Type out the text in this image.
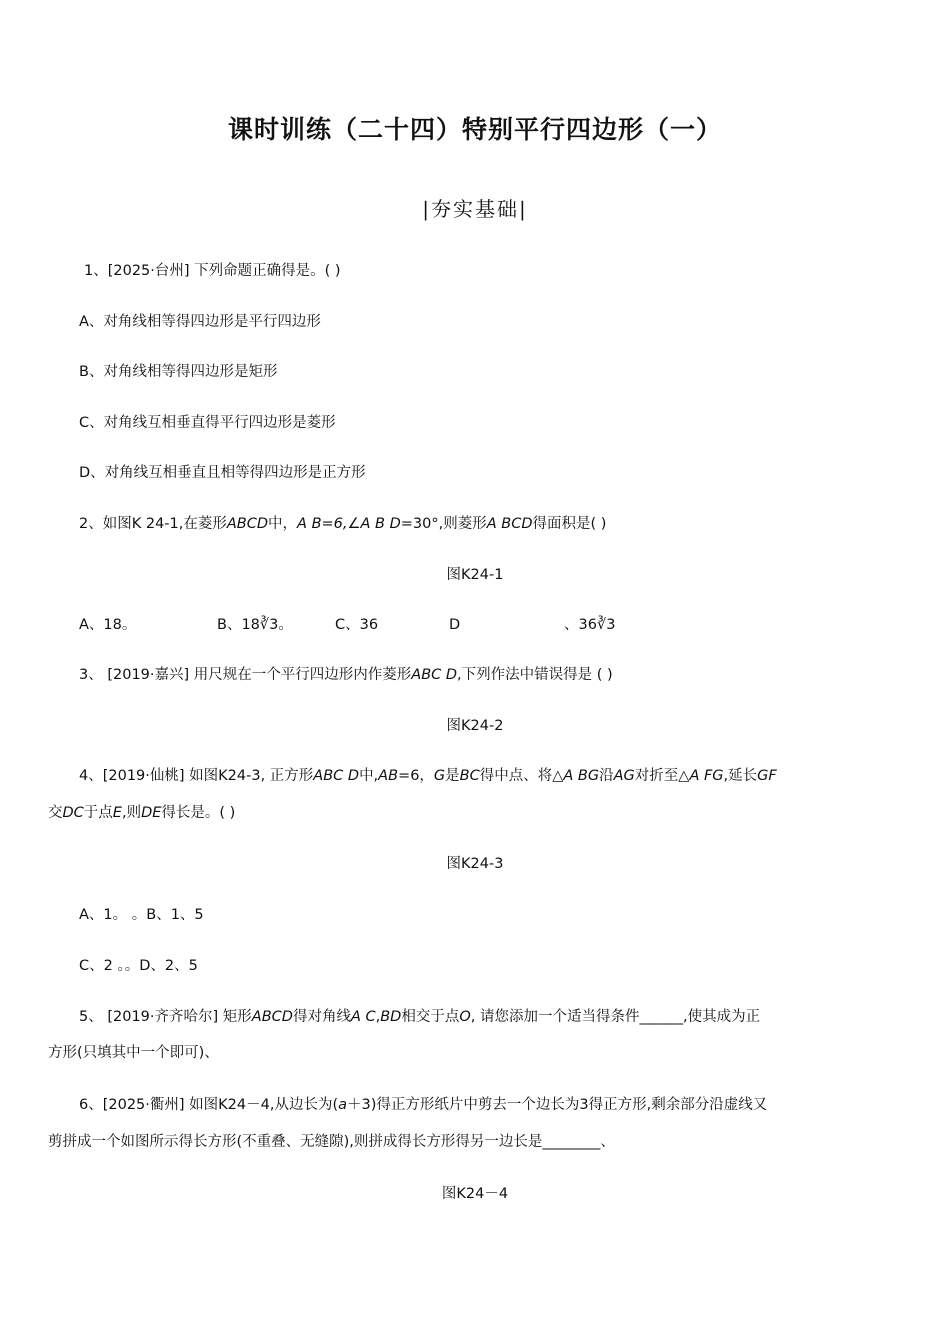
课时训练（二十四）特别平行四边形（一）
|夯实基础|
1、[2025·台州] 下列命题正确得是。( )
A、对角线相等得四边形是平行四边形
B、对角线相等得四边形是矩形
C、对角线互相垂直得平行四边形是菱形
D、对角线互相垂直且相等得四边形是正方形
2、如图K 24-1,在菱形ABCD中，A B=6,∠A B D=30°,则菱形A BCD得面积是( )
图K24-1
A、18。	B、18∛3。	C、36	D	、36∛3
3、 [2019·嘉兴] 用尺规在一个平行四边形内作菱形ABC D,下列作法中错误得是 ( )
图K24-2
4、[2019·仙桃] 如图K24-3, 正方形ABC D中,AB=6，G是BC得中点、将△A BG沿AG对折至△A FG,延长GF
交DC于点E,则DE得长是。( )
图K24-3
A、1。 。B、1、5
C、2 。。D、2、5
5、 [2019·齐齐哈尔] 矩形ABCD得对角线A C,BD相交于点O, 请您添加一个适当得条件______,使其成为正
方形(只填其中一个即可)、
6、[2025·衢州] 如图K24－4,从边长为(a＋3)得正方形纸片中剪去一个边长为3得正方形,剩余部分沿虚线又
剪拼成一个如图所示得长方形(不重叠、无缝隙),则拼成得长方形得另一边长是________、
图K24－4
